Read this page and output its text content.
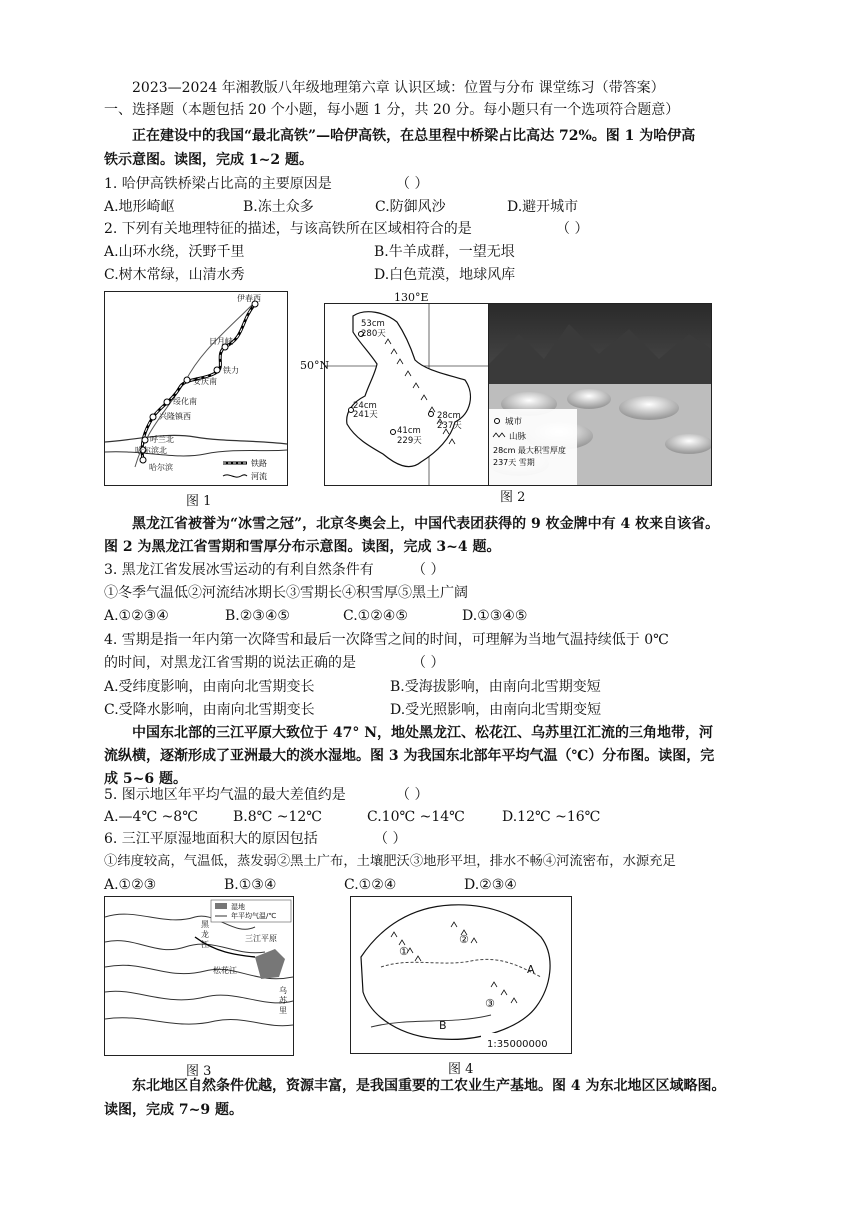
2023—2024 年湘教版八年级地理第六章 认识区域：位置与分布 课堂练习（带答案）
一、选择题（本题包括 20 个小题，每小题 1 分，共 20 分。每小题只有一个选项符合题意）
正在建设中的我国“最北高铁”—哈伊高铁，在总里程中桥梁占比高达 72%。图 1 为哈伊高
铁示意图。读图，完成 1~2 题。
1. 哈伊高铁桥梁占比高的主要原因是	（ ）
A.地形崎岖	B.冻土众多	C.防御风沙	D.避开城市
2. 下列有关地理特征的描述，与该高铁所在区域相符合的是	（ ）
A.山环水绕，沃野千里	B.牛羊成群，一望无垠
C.树木常绿，山清水秀	D.白色荒漠，地球风库
伊春西
日月峡
铁力
安庆南
绥化南
兴隆镇西
呼兰北
哈尔滨北
哈尔滨	铁路
河流
图 1
53cm
280天
24cm
241天
41cm
229天
28cm
237天
130°E
50°N
城市
山脉
28cm 最大积雪厚度
237天 雪期
图 2
黑龙江省被誉为“冰雪之冠”，北京冬奥会上，中国代表团获得的 9 枚金牌中有 4 枚来自该省。
图 2 为黑龙江省雪期和雪厚分布示意图。读图，完成 3~4 题。
3. 黑龙江省发展冰雪运动的有利自然条件有	（ ）
①冬季气温低②河流结冰期长③雪期长④积雪厚⑤黑土广阔
A.①②③④	B.②③④⑤	C.①②④⑤	D.①③④⑤
4. 雪期是指一年内第一次降雪和最后一次降雪之间的时间，可理解为当地气温持续低于 0℃
的时间，对黑龙江省雪期的说法正确的是	（ ）
A.受纬度影响，由南向北雪期变长	B.受海拔影响，由南向北雪期变短
C.受降水影响，由南向北雪期变长	D.受光照影响，由南向北雪期变短
中国东北部的三江平原大致位于 47° N，地处黑龙江、松花江、乌苏里江汇流的三角地带，河
流纵横，逐渐形成了亚洲最大的淡水湿地。图 3 为我国东北部年平均气温（℃）分布图。读图，完
成 5~6 题。
5. 图示地区年平均气温的最大差值约是	（ ）
A.—4℃ ~8℃	B.8℃ ~12℃	C.10℃ ~14℃	D.12℃ ~16℃
6. 三江平原湿地面积大的原因包括	（ ）
①纬度较高，气温低，蒸发弱②黑土广布，土壤肥沃③地形平坦，排水不畅④河流密布，水源充足
A.①②③	B.①③④	C.①②④	D.②③④
湿地
年平均气温/℃
黑
龙
江
三江平原
松花江
乌
苏
里
图 3
①
②
③
A
B
1:35000000
图 4
东北地区自然条件优越，资源丰富，是我国重要的工农业生产基地。图 4 为东北地区区域略图。
读图，完成 7~9 题。
